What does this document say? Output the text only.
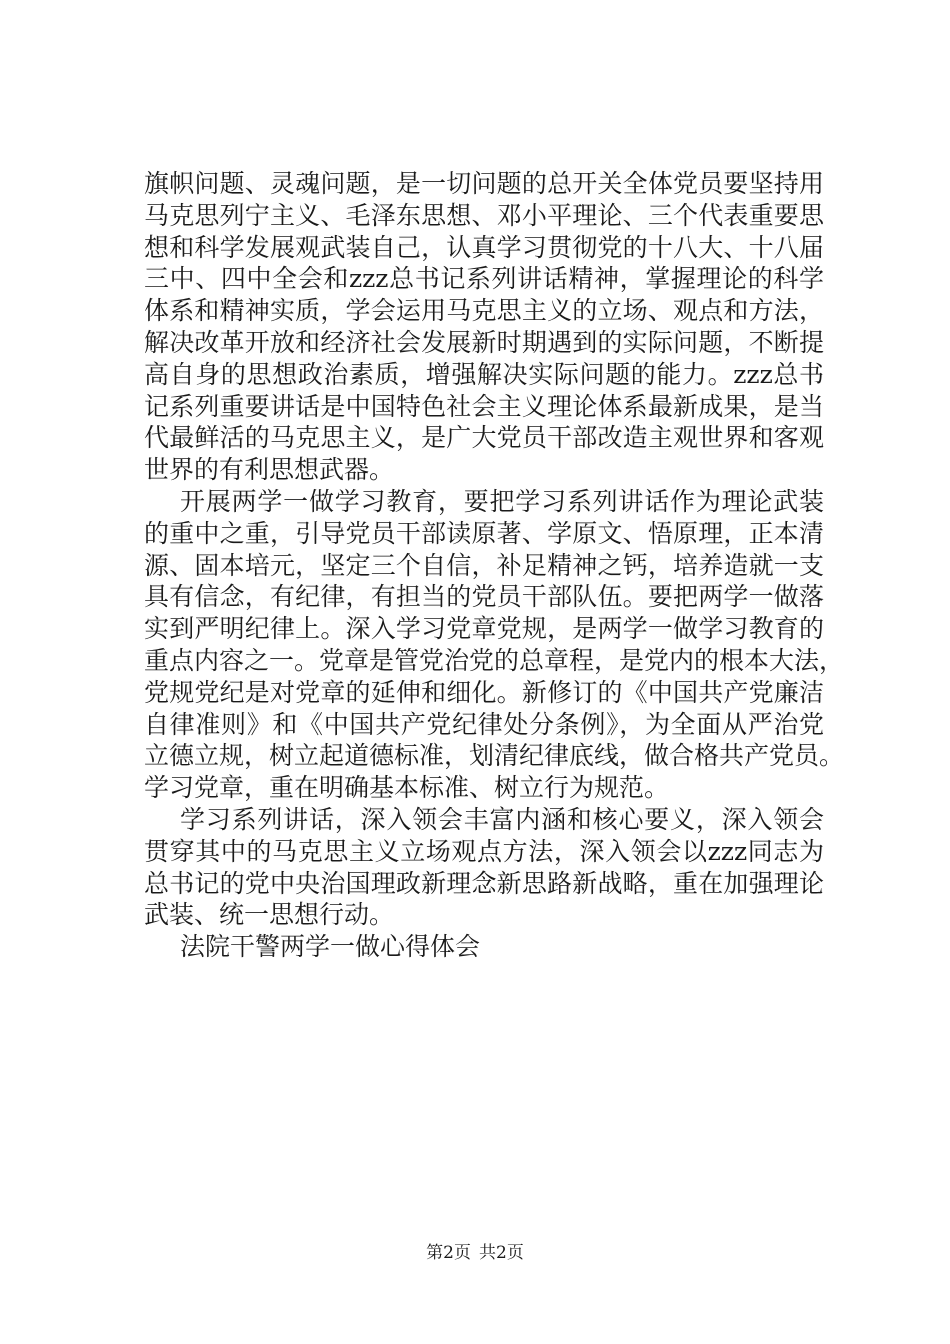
旗帜问题、灵魂问题，是一切问题的总开关全体党员要坚持用
马克思列宁主义、毛泽东思想、邓小平理论、三个代表重要思
想和科学发展观武装自己，认真学习贯彻党的十八大、十八届
三中、四中全会和zzz总书记系列讲话精神，掌握理论的科学
体系和精神实质，学会运用马克思主义的立场、观点和方法，
解决改革开放和经济社会发展新时期遇到的实际问题，不断提
高自身的思想政治素质，增强解决实际问题的能力。zzz总书
记系列重要讲话是中国特色社会主义理论体系最新成果，是当
代最鲜活的马克思主义，是广大党员干部改造主观世界和客观
世界的有利思想武器。
开展两学一做学习教育，要把学习系列讲话作为理论武装
的重中之重，引导党员干部读原著、学原文、悟原理，正本清
源、固本培元，坚定三个自信，补足精神之钙，培养造就一支
具有信念，有纪律，有担当的党员干部队伍。要把两学一做落
实到严明纪律上。深入学习党章党规，是两学一做学习教育的
重点内容之一。党章是管党治党的总章程，是党内的根本大法，
党规党纪是对党章的延伸和细化。新修订的《中国共产党廉洁
自律准则》和《中国共产党纪律处分条例》，为全面从严治党
立德立规，树立起道德标准，划清纪律底线，做合格共产党员。
学习党章，重在明确基本标准、树立行为规范。
学习系列讲话，深入领会丰富内涵和核心要义，深入领会
贯穿其中的马克思主义立场观点方法，深入领会以zzz同志为
总书记的党中央治国理政新理念新思路新战略，重在加强理论
武装、统一思想行动。
法院干警两学一做心得体会
第2页 共2页
